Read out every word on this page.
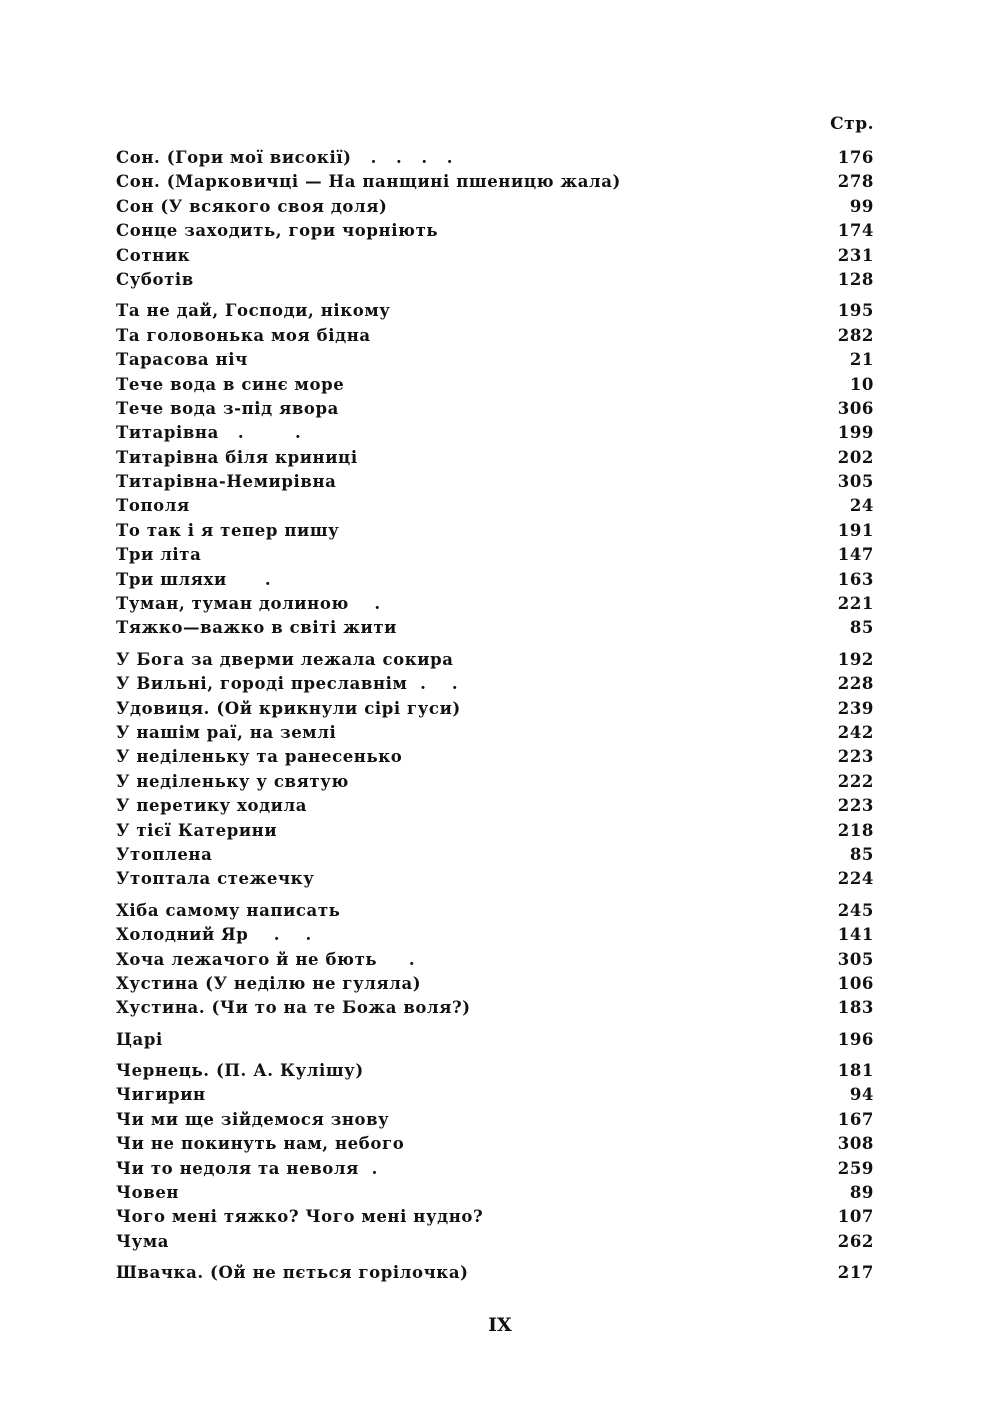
Стр.
Сон. (Гори мої високії)   .   .   .   .	176
Сон. (Марковичці — На панщині пшеницю жала)	278
Сон (У всякого своя доля)	99
Сонце заходить, гори чорніють	174
Сотник	231
Суботів	128
Та не дай, Господи, нікому	195
Та головонька моя бідна	282
Тарасова ніч	21
Тече вода в синє море	10
Тече вода з-під явора	306
Титарівна   .        .	199
Титарівна біля криниці	202
Титарівна-Немирівна	305
Тополя	24
То так і я тепер пишу	191
Три літа	147
Три шляхи      .	163
Туман, туман долиною    .	221
Тяжко—важко в світі жити	85
У Бога за дверми лежала сокира	192
У Вильні, городі преславнім  .    .	228
Удовиця. (Ой крикнули сірі гуси)	239
У нашім раї, на землі	242
У неділеньку та ранесенько	223
У неділеньку у святую	222
У перетику ходила	223
У тієї Катерини	218
Утоплена	85
Утоптала стежечку	224
Хіба самому написать	245
Холодний Яр    .    .	141
Хоча лежачого й не бють     .	305
Хустина (У неділю не гуляла)	106
Хустина. (Чи то на те Божа воля?)	183
Царі	196
Чернець. (П. А. Кулішу)	181
Чигирин	94
Чи ми ще зійдемося знову	167
Чи не покинуть нам, небого	308
Чи то недоля та неволя  .	259
Човен	89
Чого мені тяжко? Чого мені нудно?	107
Чума	262
Швачка. (Ой не пється горілочка)	217
IX
